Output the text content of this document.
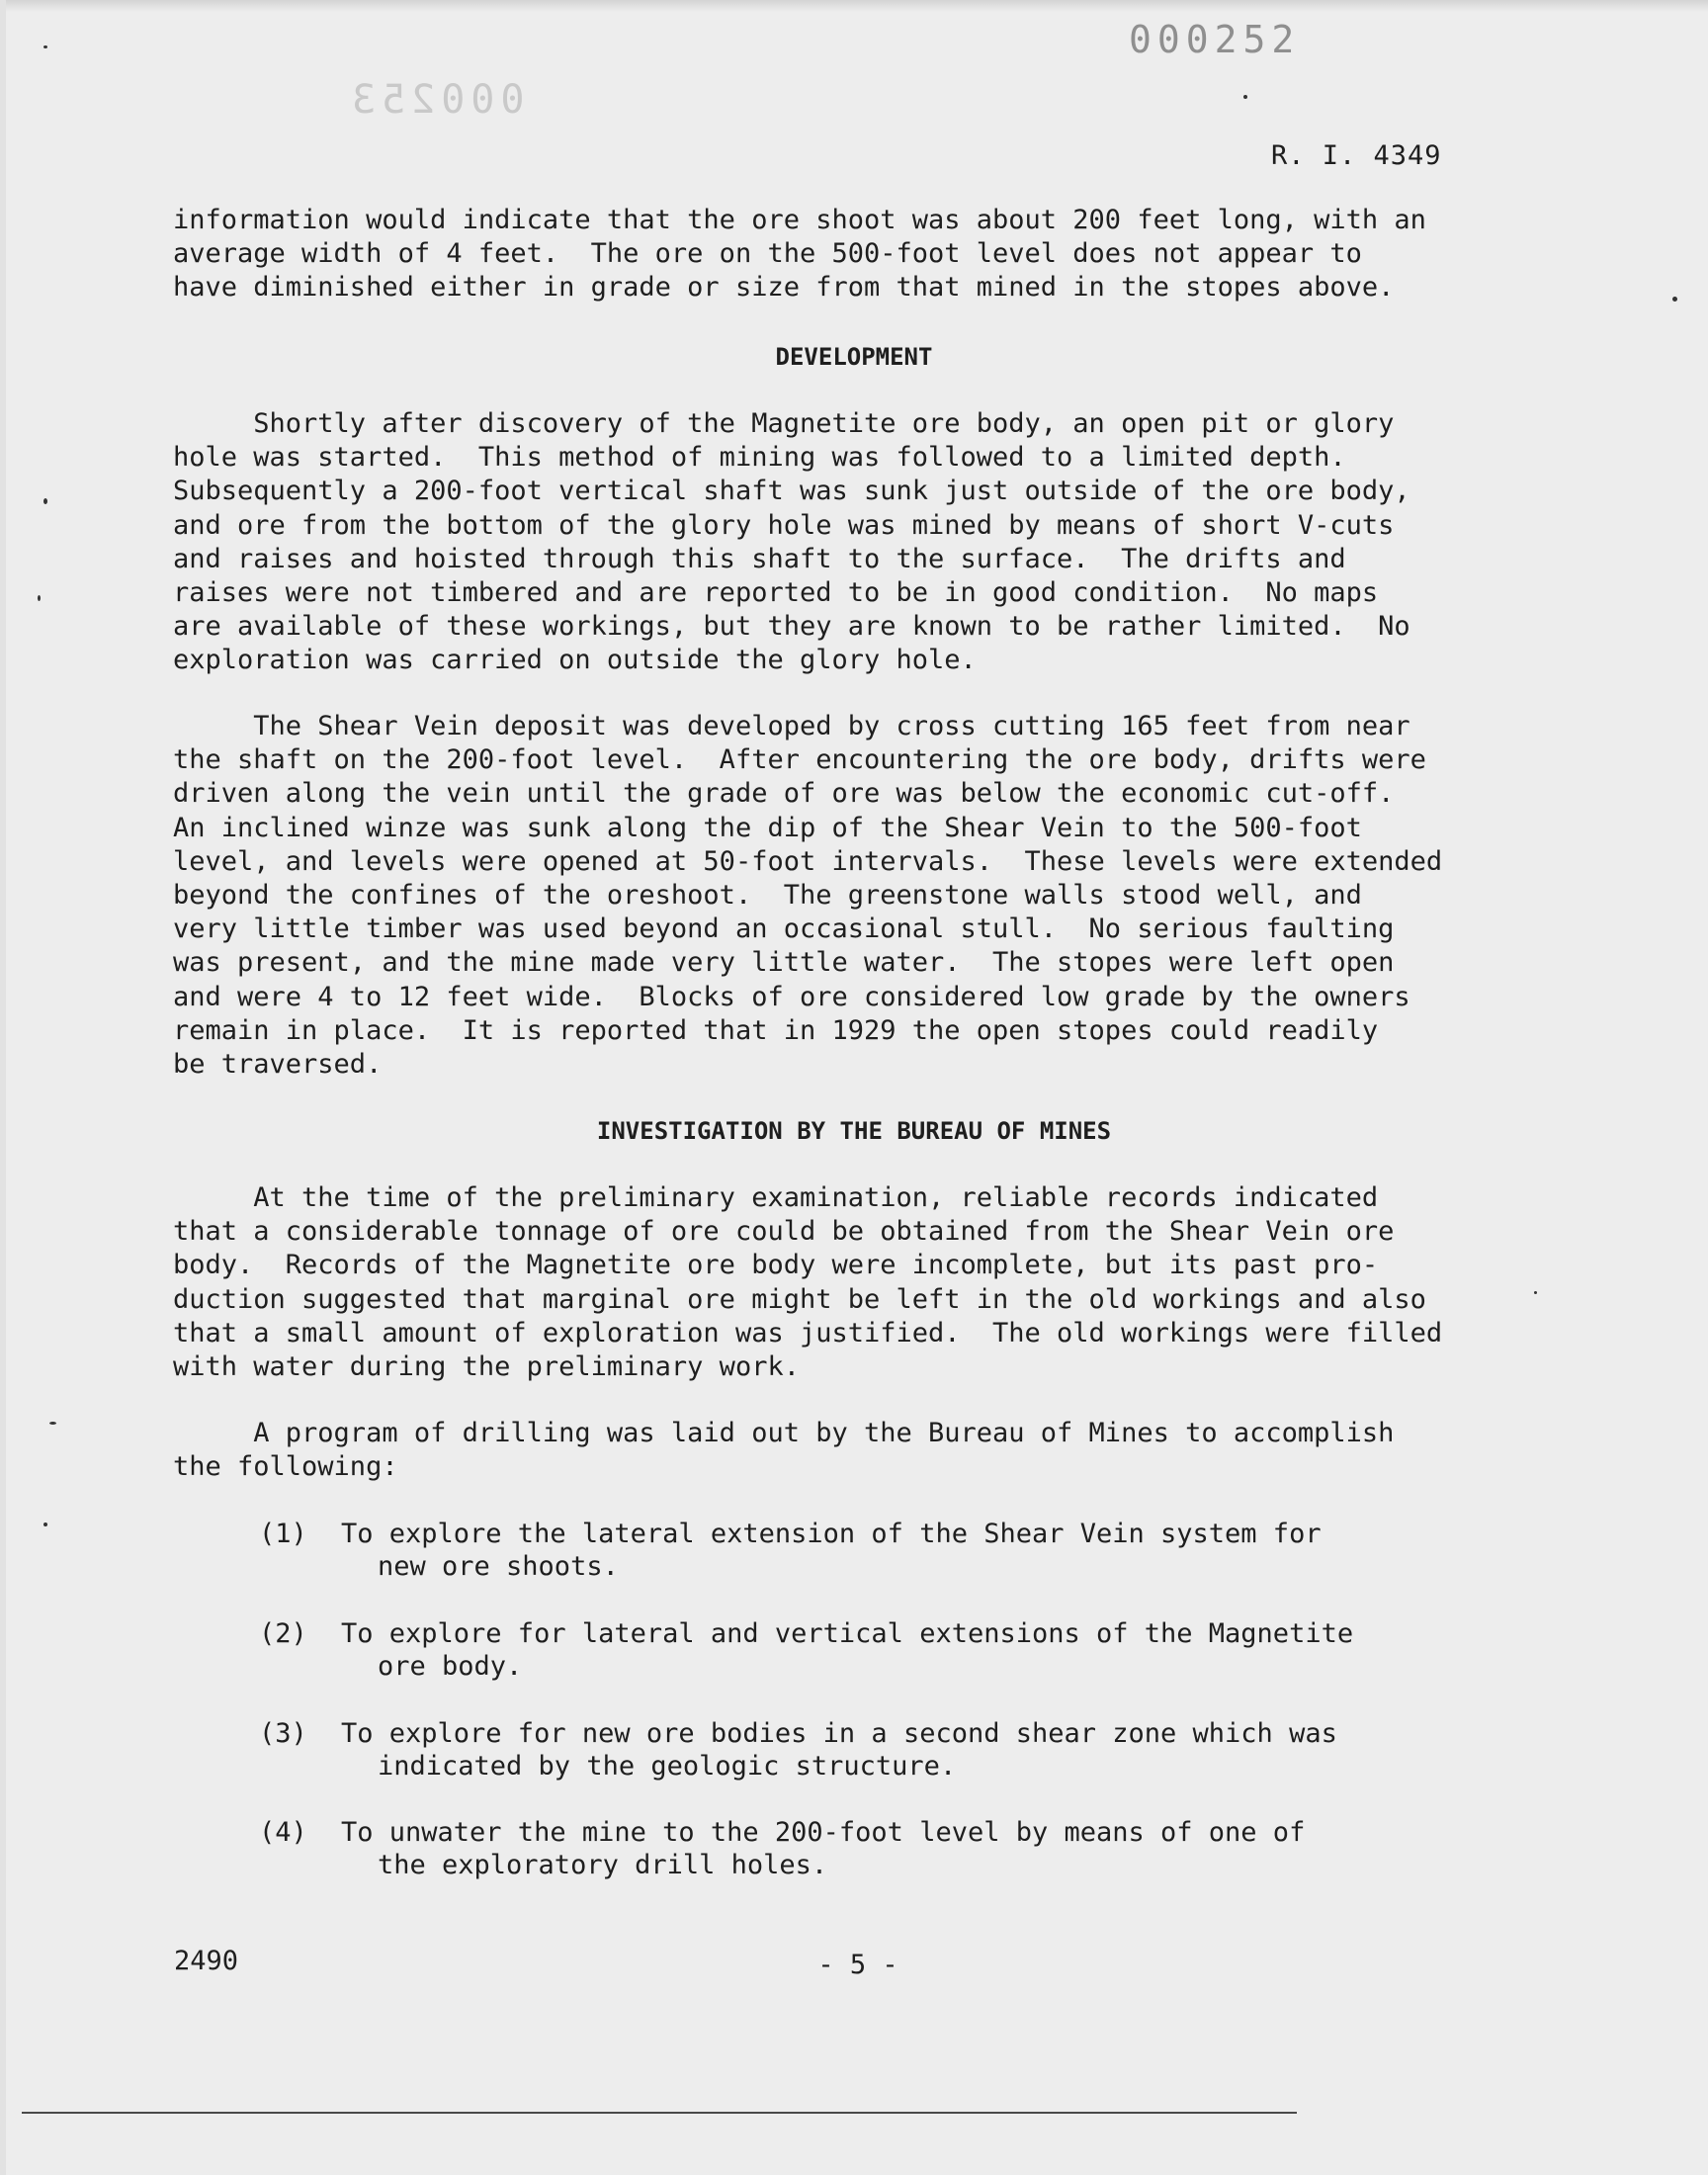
000252
000253
R. I. 4349

information would indicate that the ore shoot was about 200 feet long, with an
average width of 4 feet.  The ore on the 500-foot level does not appear to
have diminished either in grade or size from that mined in the stopes above.

DEVELOPMENT

Shortly after discovery of the Magnetite ore body, an open pit or glory
hole was started.  This method of mining was followed to a limited depth.
Subsequently a 200-foot vertical shaft was sunk just outside of the ore body,
and ore from the bottom of the glory hole was mined by means of short V-cuts
and raises and hoisted through this shaft to the surface.  The drifts and
raises were not timbered and are reported to be in good condition.  No maps
are available of these workings, but they are known to be rather limited.  No
exploration was carried on outside the glory hole.

The Shear Vein deposit was developed by cross cutting 165 feet from near
the shaft on the 200-foot level.  After encountering the ore body, drifts were
driven along the vein until the grade of ore was below the economic cut-off.
An inclined winze was sunk along the dip of the Shear Vein to the 500-foot
level, and levels were opened at 50-foot intervals.  These levels were extended
beyond the confines of the oreshoot.  The greenstone walls stood well, and
very little timber was used beyond an occasional stull.  No serious faulting
was present, and the mine made very little water.  The stopes were left open
and were 4 to 12 feet wide.  Blocks of ore considered low grade by the owners
remain in place.  It is reported that in 1929 the open stopes could readily
be traversed.

INVESTIGATION BY THE BUREAU OF MINES

At the time of the preliminary examination, reliable records indicated
that a considerable tonnage of ore could be obtained from the Shear Vein ore
body.  Records of the Magnetite ore body were incomplete, but its past pro-
duction suggested that marginal ore might be left in the old workings and also
that a small amount of exploration was justified.  The old workings were filled
with water during the preliminary work.

A program of drilling was laid out by the Bureau of Mines to accomplish
the following:

(1)	To explore the lateral extension of the Shear Vein system for
new ore shoots.
(2)	To explore for lateral and vertical extensions of the Magnetite
ore body.
(3)	To explore for new ore bodies in a second shear zone which was
indicated by the geologic structure.
(4)	To unwater the mine to the 200-foot level by means of one of
the exploratory drill holes.
2490	- 5 -
